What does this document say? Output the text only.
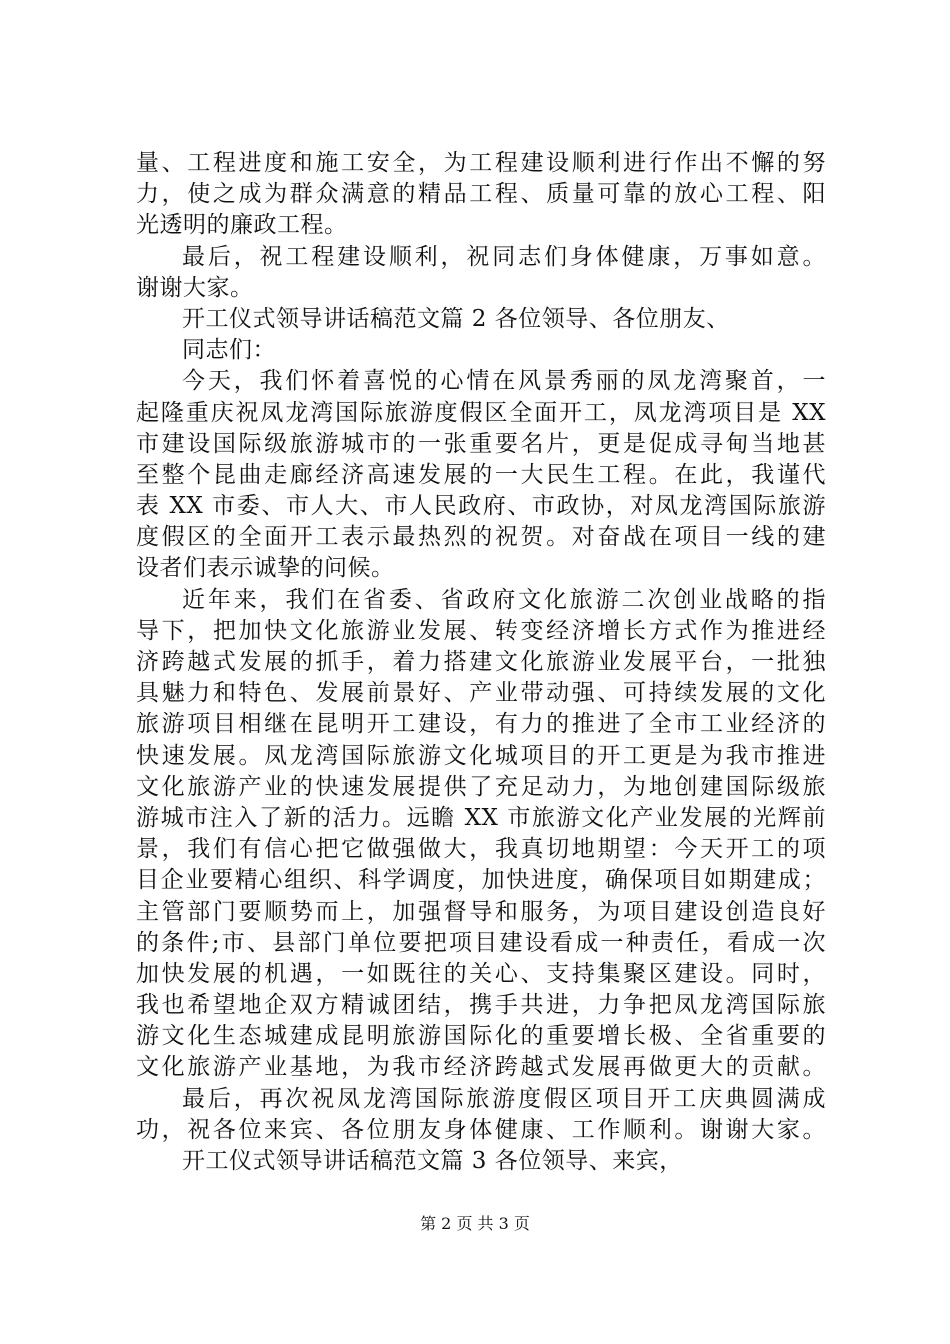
量、工程进度和施工安全，为工程建设顺利进行作出不懈的努
力，使之成为群众满意的精品工程、质量可靠的放心工程、阳
光透明的廉政工程。
最后，祝工程建设顺利，祝同志们身体健康，万事如意。
谢谢大家。
开工仪式领导讲话稿范文篇 2 各位领导、各位朋友、
同志们：
今天，我们怀着喜悦的心情在风景秀丽的凤龙湾聚首，一
起隆重庆祝凤龙湾国际旅游度假区全面开工，凤龙湾项目是 XX
市建设国际级旅游城市的一张重要名片，更是促成寻甸当地甚
至整个昆曲走廊经济高速发展的一大民生工程。在此，我谨代
表 XX 市委、市人大、市人民政府、市政协，对凤龙湾国际旅游
度假区的全面开工表示最热烈的祝贺。对奋战在项目一线的建
设者们表示诚挚的问候。
近年来，我们在省委、省政府文化旅游二次创业战略的指
导下，把加快文化旅游业发展、转变经济增长方式作为推进经
济跨越式发展的抓手，着力搭建文化旅游业发展平台，一批独
具魅力和特色、发展前景好、产业带动强、可持续发展的文化
旅游项目相继在昆明开工建设，有力的推进了全市工业经济的
快速发展。凤龙湾国际旅游文化城项目的开工更是为我市推进
文化旅游产业的快速发展提供了充足动力，为地创建国际级旅
游城市注入了新的活力。远瞻 XX 市旅游文化产业发展的光辉前
景，我们有信心把它做强做大，我真切地期望：今天开工的项
目企业要精心组织、科学调度，加快进度，确保项目如期建成；
主管部门要顺势而上，加强督导和服务，为项目建设创造良好
的条件;市、县部门单位要把项目建设看成一种责任，看成一次
加快发展的机遇，一如既往的关心、支持集聚区建设。同时，
我也希望地企双方精诚团结，携手共进，力争把凤龙湾国际旅
游文化生态城建成昆明旅游国际化的重要增长极、全省重要的
文化旅游产业基地，为我市经济跨越式发展再做更大的贡献。
最后，再次祝凤龙湾国际旅游度假区项目开工庆典圆满成
功，祝各位来宾、各位朋友身体健康、工作顺利。谢谢大家。
开工仪式领导讲话稿范文篇 3 各位领导、来宾，
第 2 页 共 3 页
